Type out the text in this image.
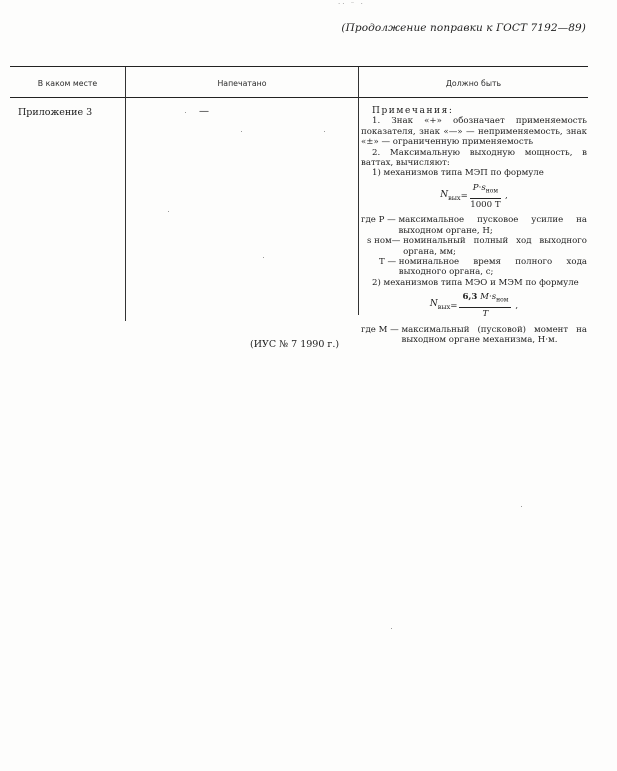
·· ⁻ ·
(Продолжение поправки к ГОСТ 7192—89)
В каком месте	Напечатано	Должно быть
Приложение 3	—	Примечания:

1. Знак «+» обозначает применяемость показателя, знак «—» — неприменяемость, знак «±» — ограниченную применяемость

2. Максимальную выходную мощность, в ваттах, вычисляют:

1) механизмов типа МЭП по формуле

$N_{вых} = \frac{P\cdot s_{ном}}{1000 T}$ ,
где P — максимальное пусковое усилие на выходном органе, Н;
s ном — номинальный полный ход выходного органа, мм;
T — номинальное время полного хода выходного органа, с;

2) механизмов типа МЭО и МЭМ по формуле

$N_{вых} = \frac{6,3 M\cdot s_{ном}}{T}$ ,
где M — максимальный (пусковой) момент на выходном органе механизма, Н·м.
(ИУС № 7 1990 г.)
